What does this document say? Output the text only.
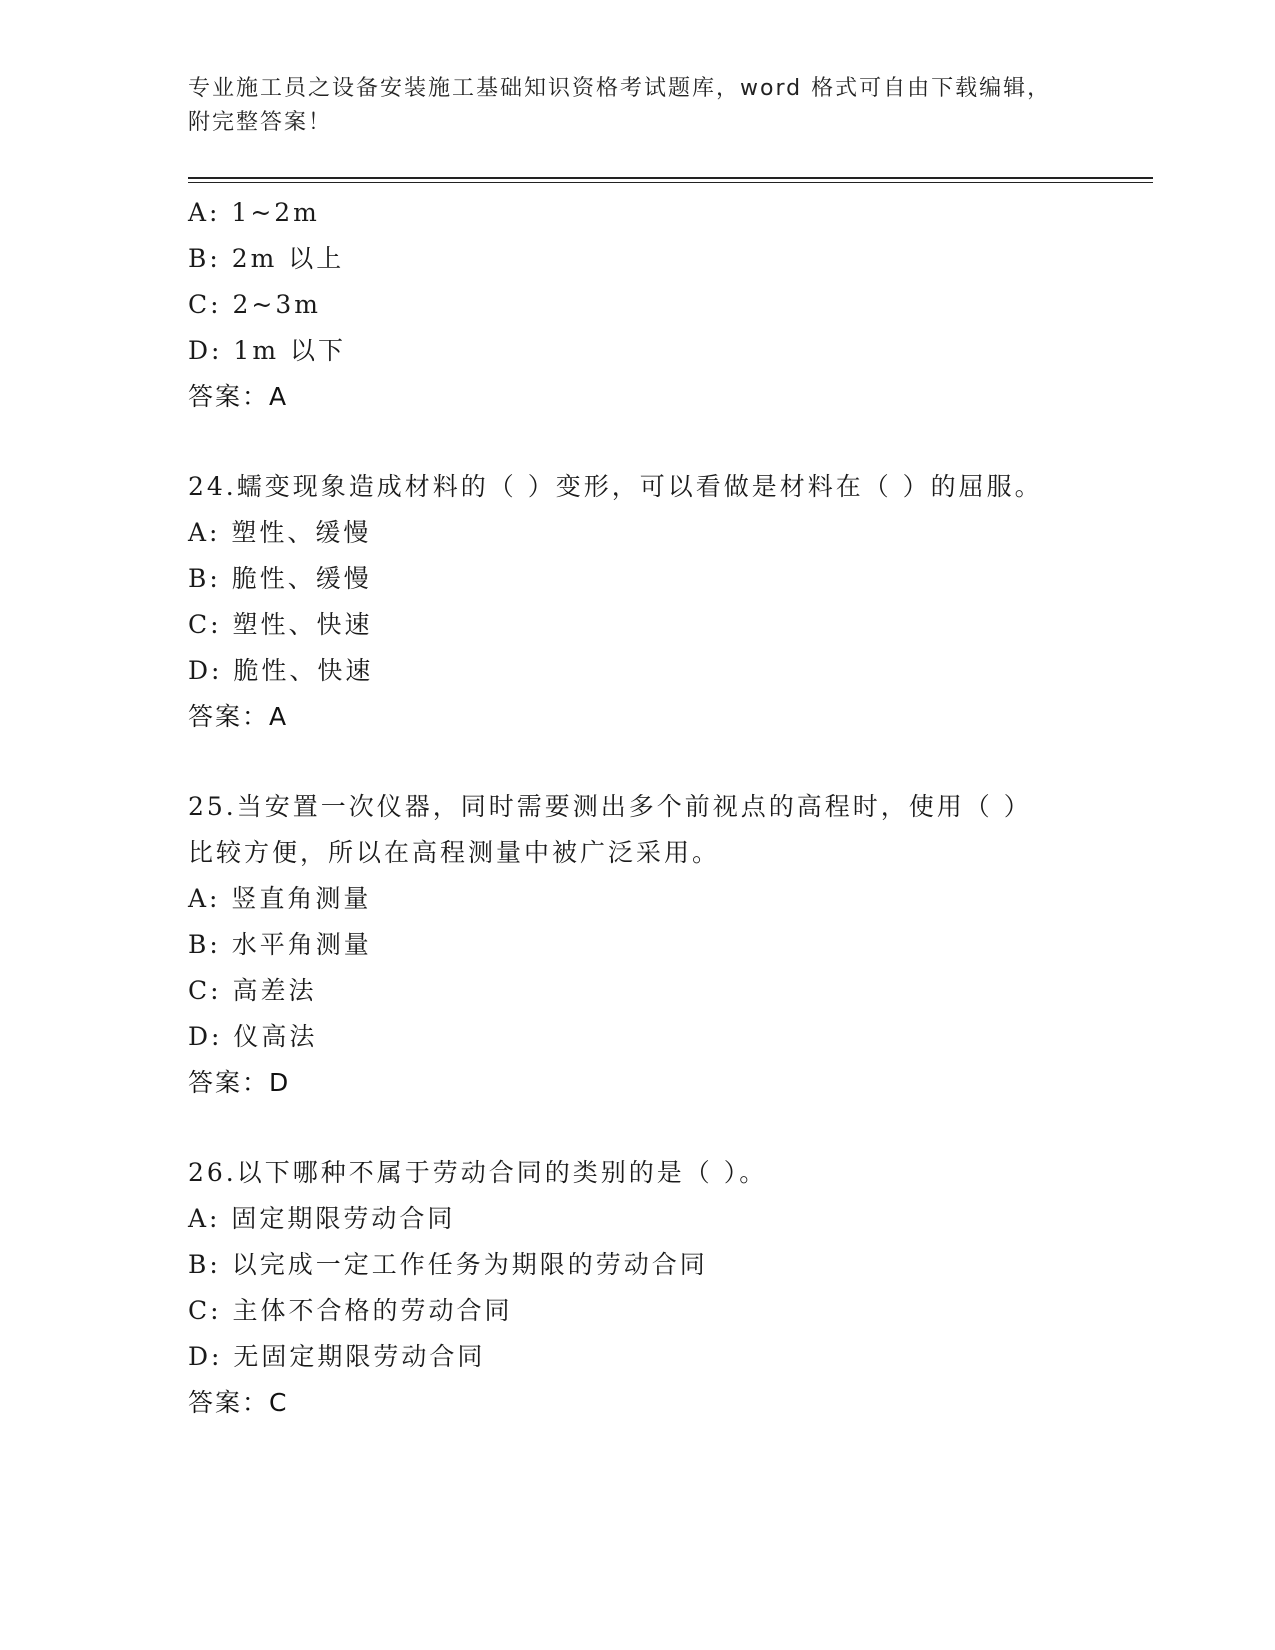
专业施工员之设备安装施工基础知识资格考试题库，word 格式可自由下载编辑，
附完整答案！
A: 1~2m
B: 2m 以上
C: 2~3m
D: 1m 以下
答案：A
24.蠕变现象造成材料的（ ）变形，可以看做是材料在（ ）的屈服。
A: 塑性、缓慢
B: 脆性、缓慢
C: 塑性、快速
D: 脆性、快速
答案：A
25.当安置一次仪器，同时需要测出多个前视点的高程时，使用（ ）
比较方便，所以在高程测量中被广泛采用。
A: 竖直角测量
B: 水平角测量
C: 高差法
D: 仪高法
答案：D
26.以下哪种不属于劳动合同的类别的是（ ）。
A: 固定期限劳动合同
B: 以完成一定工作任务为期限的劳动合同
C: 主体不合格的劳动合同
D: 无固定期限劳动合同
答案：C
